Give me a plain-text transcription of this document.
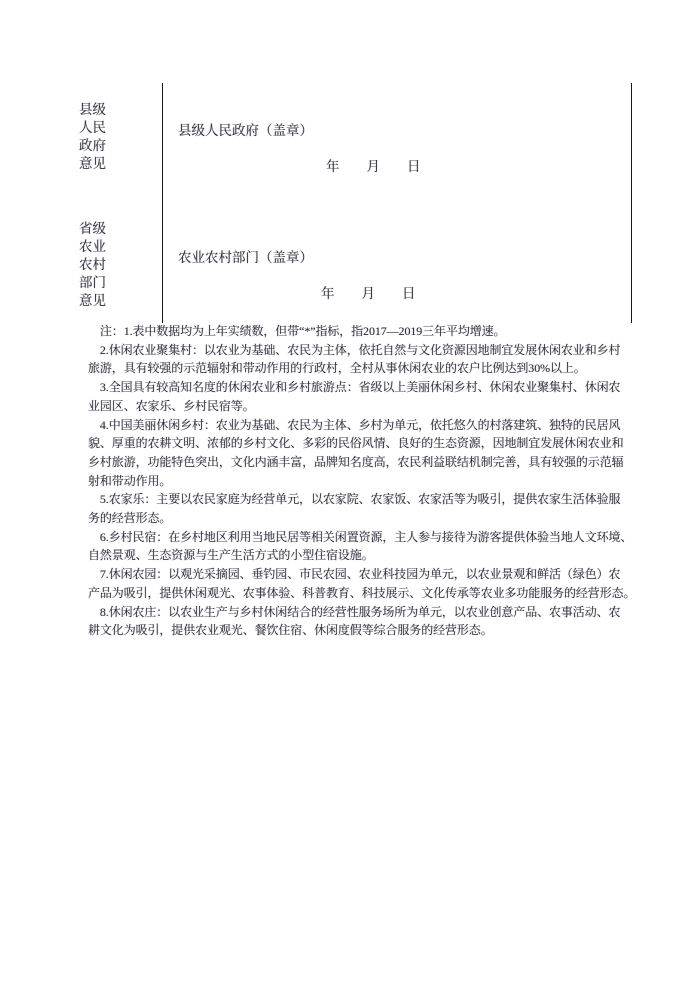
县级人民政府意见
县级人民政府（盖章）
年　　月　　日
省级农业农村部门意见
农业农村部门（盖章）
年　　月　　日
　注：1.表中数据均为上年实绩数，但带“*”指标，指2017—2019三年平均增速。
　2.休闲农业聚集村：以农业为基础、农民为主体，依托自然与文化资源因地制宜发展休闲农业和乡村
旅游，具有较强的示范辐射和带动作用的行政村，全村从事休闲农业的农户比例达到30%以上。
　3.全国具有较高知名度的休闲农业和乡村旅游点：省级以上美丽休闲乡村、休闲农业聚集村、休闲农
业园区、农家乐、乡村民宿等。
　4.中国美丽休闲乡村：农业为基础、农民为主体、乡村为单元，依托悠久的村落建筑、独特的民居风
貌、厚重的农耕文明、浓郁的乡村文化、多彩的民俗风情、良好的生态资源，因地制宜发展休闲农业和
乡村旅游，功能特色突出，文化内涵丰富，品牌知名度高，农民利益联结机制完善，具有较强的示范辐
射和带动作用。
　5.农家乐：主要以农民家庭为经营单元，以农家院、农家饭、农家活等为吸引，提供农家生活体验服
务的经营形态。
　6.乡村民宿：在乡村地区利用当地民居等相关闲置资源，主人参与接待为游客提供体验当地人文环境、
自然景观、生态资源与生产生活方式的小型住宿设施。
　7.休闲农园：以观光采摘园、垂钓园、市民农园、农业科技园为单元，以农业景观和鲜活（绿色）农
产品为吸引，提供休闲观光、农事体验、科普教育、科技展示、文化传承等农业多功能服务的经营形态。
　8.休闲农庄：以农业生产与乡村休闲结合的经营性服务场所为单元，以农业创意产品、农事活动、农
耕文化为吸引，提供农业观光、餐饮住宿、休闲度假等综合服务的经营形态。
